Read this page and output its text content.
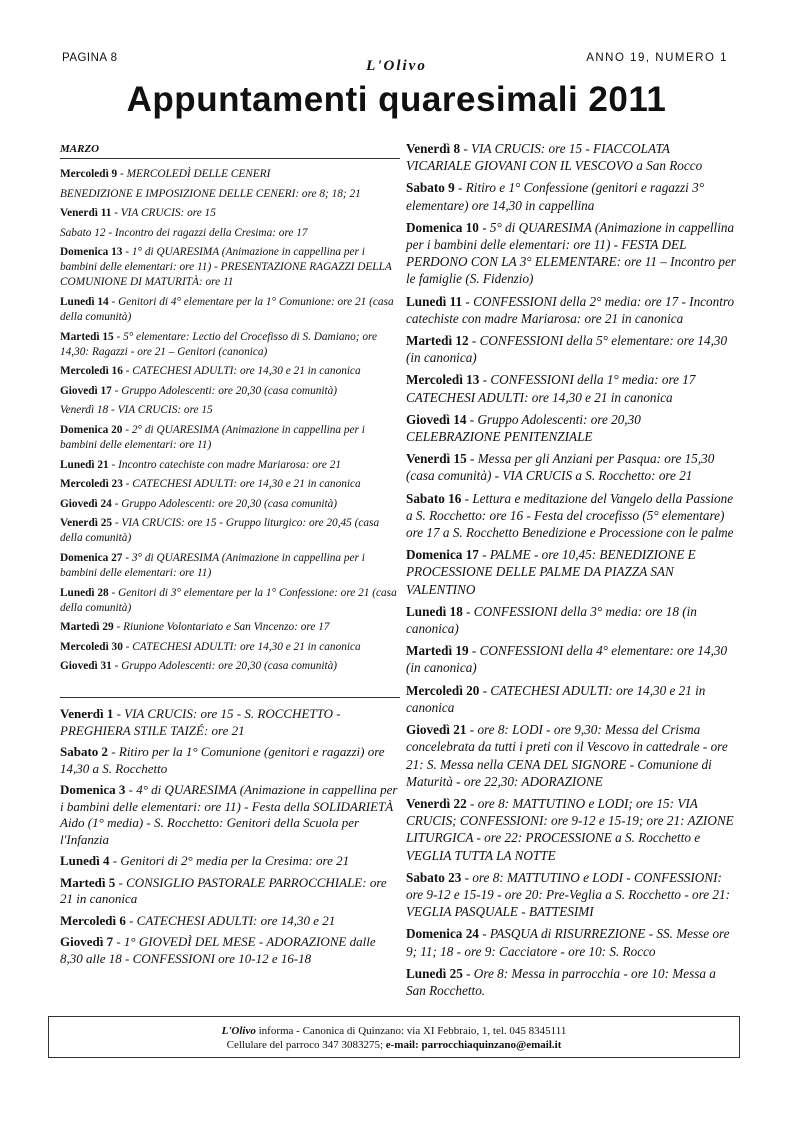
PAGINA 8	L'Olivo	ANNO 19, NUMERO 1
Appuntamenti quaresimali 2011
MARZO
Mercoledì 9 - MERCOLEDÌ DELLE CENERI
BENEDIZIONE E IMPOSIZIONE DELLE CENERI: ore 8; 18; 21
Venerdì 11 - VIA CRUCIS: ore 15
Sabato 12 - Incontro dei ragazzi della Cresima: ore 17
Domenica 13 - 1° di QUARESIMA (Animazione in cappellina per i bambini delle elementari: ore 11) - PRESENTAZIONE RAGAZZI DELLA COMUNIONE DI MATURITÀ: ore 11
Lunedì 14 - Genitori di 4° elementare per la 1° Comunione: ore 21 (casa della comunità)
Martedì 15 - 5° elementare: Lectio del Crocefisso di S. Damiano; ore 14,30: Ragazzi - ore 21 – Genitori (canonica)
Mercoledì 16 - CATECHESI ADULTI: ore 14,30 e 21 in canonica
Giovedì 17 - Gruppo Adolescenti: ore 20,30 (casa comunità)
Venerdì 18 - VIA CRUCIS: ore 15
Domenica 20 - 2° di QUARESIMA (Animazione in cappellina per i bambini delle elementari: ore 11)
Lunedì 21 - Incontro catechiste con madre Mariarosa: ore 21
Mercoledì 23 - CATECHESI ADULTI: ore 14,30 e 21 in canonica
Giovedì 24 - Gruppo Adolescenti: ore 20,30 (casa comunità)
Venerdì 25 - VIA CRUCIS: ore 15 - Gruppo liturgico: ore 20,45 (casa della comunità)
Domenica 27 - 3° di QUARESIMA (Animazione in cappellina per i bambini delle elementari: ore 11)
Lunedì 28 - Genitori di 3° elementare per la 1° Confessione: ore 21 (casa della comunità)
Martedì 29 - Riunione Volontariato e San Vincenzo: ore 17
Mercoledì 30 - CATECHESI ADULTI: ore 14,30 e 21 in canonica
Giovedì 31 - Gruppo Adolescenti: ore 20,30 (casa comunità)
Venerdì 1 - VIA CRUCIS: ore 15 - S. ROCCHETTO - PREGHIERA STILE TAIZÉ: ore 21
Sabato 2 - Ritiro per la 1° Comunione (genitori e ragazzi) ore 14,30 a S. Rocchetto
Domenica 3 - 4° di QUARESIMA (Animazione in cappellina per i bambini delle elementari: ore 11) - Festa della SOLIDARIETÀ Aido (1° media) - S. Rocchetto: Genitori della Scuola per l'Infanzia
Lunedì 4 - Genitori di 2° media per la Cresima: ore 21
Martedì 5 - CONSIGLIO PASTORALE PARROCCHIALE: ore 21 in canonica
Mercoledì 6 - CATECHESI ADULTI: ore 14,30 e 21
Giovedì 7 - 1° GIOVEDÌ DEL MESE - ADORAZIONE dalle 8,30 alle 18 - CONFESSIONI ore 10-12 e 16-18
Venerdì 8 - VIA CRUCIS: ore 15 - FIACCOLATA VICARIALE GIOVANI CON IL VESCOVO a San Rocco
Sabato 9 - Ritiro e 1° Confessione (genitori e ragazzi 3° elementare) ore 14,30 in cappellina
Domenica 10 - 5° di QUARESIMA (Animazione in cappellina per i bambini delle elementari: ore 11) - FESTA DEL PERDONO CON LA 3° ELEMENTARE: ore 11 – Incontro per le famiglie (S. Fidenzio)
Lunedì 11 - CONFESSIONI della 2° media: ore 17 - Incontro catechiste con madre Mariarosa: ore 21 in canonica
Martedì 12 - CONFESSIONI della 5° elementare: ore 14,30 (in canonica)
Mercoledì 13 - CONFESSIONI della 1° media: ore 17 CATECHESI ADULTI: ore 14,30 e 21 in canonica
Giovedì 14 - Gruppo Adolescenti: ore 20,30 CELEBRAZIONE PENITENZIALE
Venerdì 15 - Messa per gli Anziani per Pasqua: ore 15,30 (casa comunità) - VIA CRUCIS a S. Rocchetto: ore 21
Sabato 16 - Lettura e meditazione del Vangelo della Passione a S. Rocchetto: ore 16 - Festa del crocefisso (5° elementare) ore 17 a S. Rocchetto Benedizione e Processione con le palme
Domenica 17 - PALME - ore 10,45: BENEDIZIONE E PROCESSIONE DELLE PALME DA PIAZZA SAN VALENTINO
Lunedì 18 - CONFESSIONI della 3° media: ore 18 (in canonica)
Martedì 19 - CONFESSIONI della 4° elementare: ore 14,30 (in canonica)
Mercoledì 20 - CATECHESI ADULTI: ore 14,30 e 21 in canonica
Giovedì 21 - ore 8: LODI - ore 9,30: Messa del Crisma concelebrata da tutti i preti con il Vescovo in cattedrale - ore 21: S. Messa nella CENA DEL SIGNORE - Comunione di Maturità - ore 22,30: ADORAZIONE
Venerdì 22 - ore 8: MATTUTINO e LODI; ore 15: VIA CRUCIS; CONFESSIONI: ore 9-12 e 15-19; ore 21: AZIONE LITURGICA - ore 22: PROCESSIONE a S. Rocchetto e VEGLIA TUTTA LA NOTTE
Sabato 23 - ore 8: MATTUTINO e LODI - CONFESSIONI: ore 9-12 e 15-19 - ore 20: Pre-Veglia a S. Rocchetto - ore 21: VEGLIA PASQUALE - BATTESIMI
Domenica 24 - PASQUA di RISURREZIONE - SS. Messe ore 9; 11; 18 - ore 9: Cacciatore - ore 10: S. Rocco
Lunedì 25 - Ore 8: Messa in parrocchia - ore 10: Messa a San Rocchetto.
L'Olivo informa - Canonica di Quinzano: via XI Febbraio, 1, tel. 045 8345111
Cellulare del parroco 347 3083275; e-mail: parrocchiaquinzano@email.it
